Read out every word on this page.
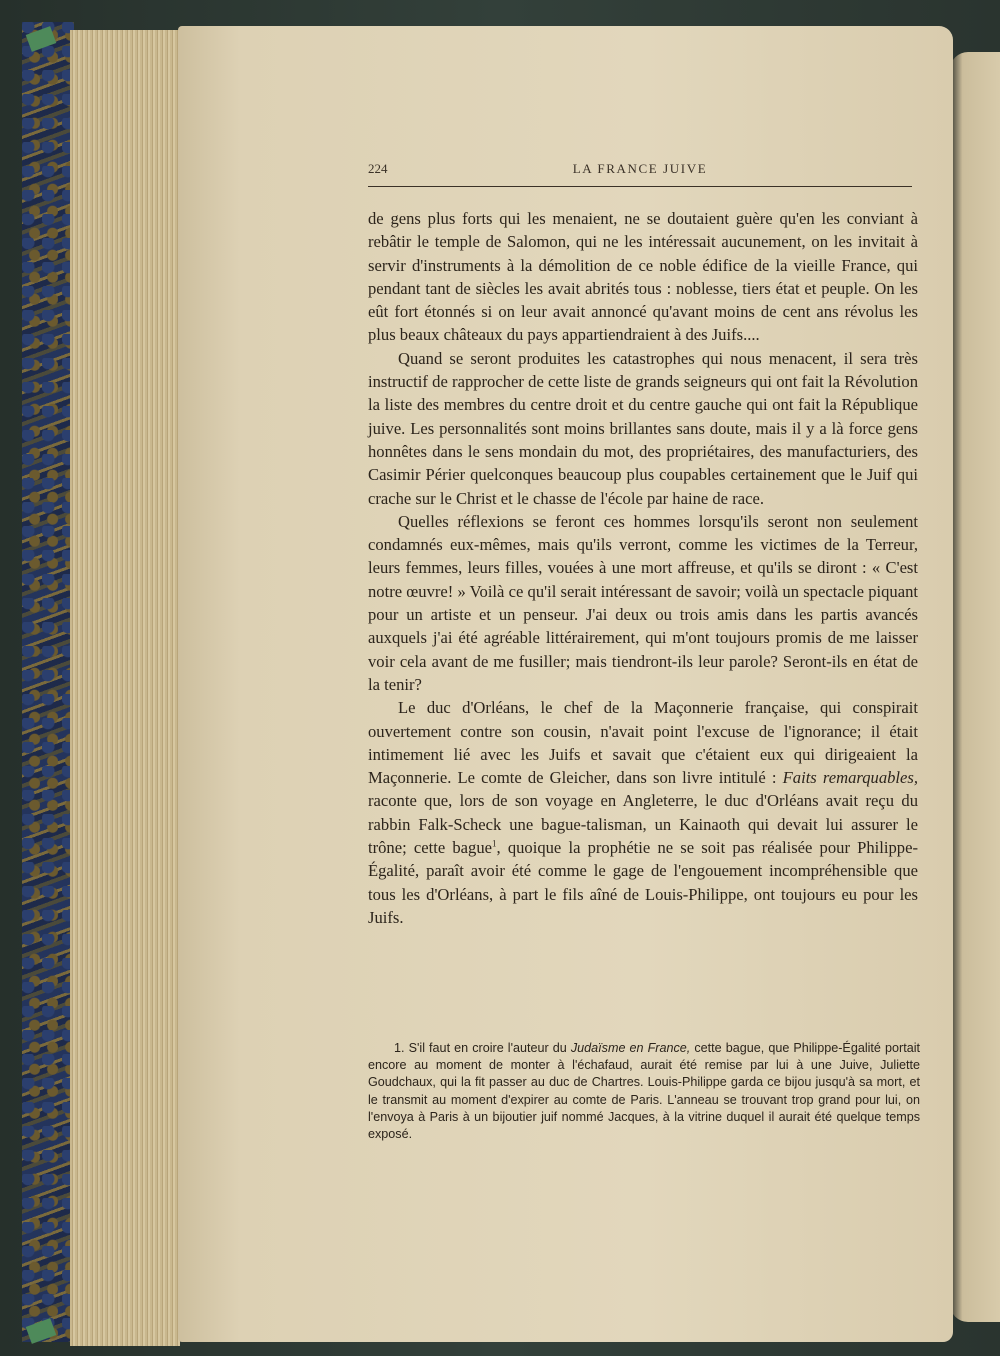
224	LA FRANCE JUIVE

de gens plus forts qui les menaient, ne se doutaient guère qu'en les conviant à rebâtir le temple de Salomon, qui ne les intéressait aucunement, on les invitait à servir d'instruments à la démolition de ce noble édifice de la vieille France, qui pendant tant de siècles les avait abrités tous : noblesse, tiers état et peuple. On les eût fort étonnés si on leur avait annoncé qu'avant moins de cent ans révolus les plus beaux châteaux du pays appartiendraient à des Juifs....

Quand se seront produites les catastrophes qui nous menacent, il sera très instructif de rapprocher de cette liste de grands seigneurs qui ont fait la Révolution la liste des membres du centre droit et du centre gauche qui ont fait la République juive. Les personnalités sont moins brillantes sans doute, mais il y a là force gens honnêtes dans le sens mondain du mot, des propriétaires, des manufacturiers, des Casimir Périer quelconques beaucoup plus coupables certainement que le Juif qui crache sur le Christ et le chasse de l'école par haine de race.

Quelles réflexions se feront ces hommes lorsqu'ils seront non seulement condamnés eux-mêmes, mais qu'ils verront, comme les victimes de la Terreur, leurs femmes, leurs filles, vouées à une mort affreuse, et qu'ils se diront : « C'est notre œuvre! » Voilà ce qu'il serait intéressant de savoir; voilà un spectacle piquant pour un artiste et un penseur. J'ai deux ou trois amis dans les partis avancés auxquels j'ai été agréable littérairement, qui m'ont toujours promis de me laisser voir cela avant de me fusiller; mais tiendront-ils leur parole? Seront-ils en état de la tenir?

Le duc d'Orléans, le chef de la Maçonnerie française, qui conspirait ouvertement contre son cousin, n'avait point l'excuse de l'ignorance; il était intimement lié avec les Juifs et savait que c'étaient eux qui dirigeaient la Maçonnerie. Le comte de Gleicher, dans son livre intitulé : Faits remarquables, raconte que, lors de son voyage en Angleterre, le duc d'Orléans avait reçu du rabbin Falk-Scheck une bague-talisman, un Kainaoth qui devait lui assurer le trône; cette bague$^1$, quoique la prophétie ne se soit pas réalisée pour Philippe-Égalité, paraît avoir été comme le gage de l'engouement incompréhensible que tous les d'Orléans, à part le fils aîné de Louis-Philippe, ont toujours eu pour les Juifs.

1. S'il faut en croire l'auteur du Judaïsme en France, cette bague, que Philippe-Égalité portait encore au moment de monter à l'échafaud, aurait été remise par lui à une Juive, Juliette Goudchaux, qui la fit passer au duc de Chartres. Louis-Philippe garda ce bijou jusqu'à sa mort, et le transmit au moment d'expirer au comte de Paris. L'anneau se trouvant trop grand pour lui, on l'envoya à Paris à un bijoutier juif nommé Jacques, à la vitrine duquel il aurait été quelque temps exposé.
